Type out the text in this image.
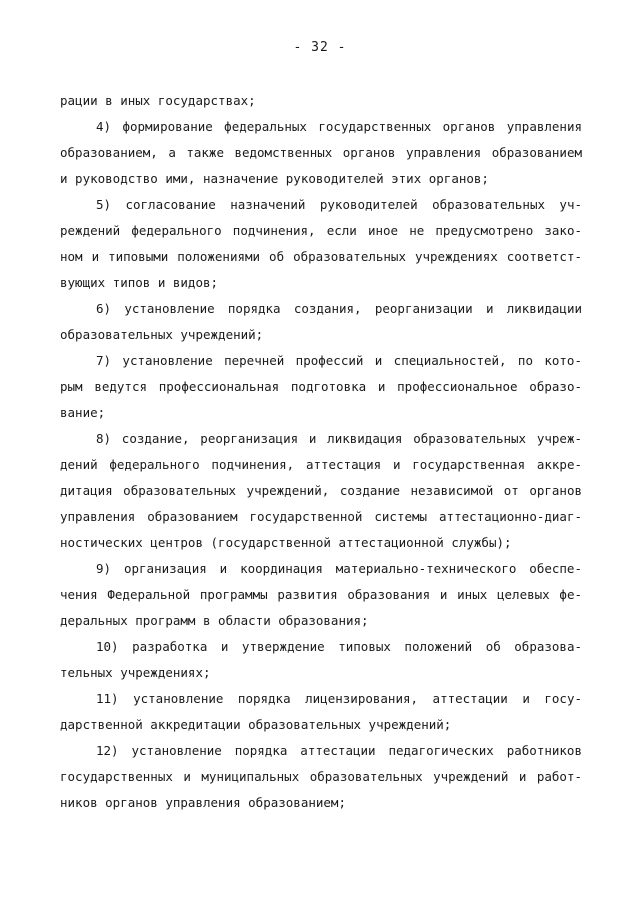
- 32 -
рации в иных государствах;
4) формирование федеральных государственных органов управления
образованием, а также ведомственных органов управления образованием
и руководство ими, назначение руководителей этих органов;
5) согласование назначений руководителей образовательных уч-
реждений федерального подчинения, если иное не предусмотрено зако-
ном и типовыми положениями об образовательных учреждениях соответст-
вующих типов и видов;
6) установление порядка создания, реорганизации и ликвидации
образовательных учреждений;
7) установление перечней профессий и специальностей, по кото-
рым ведутся профессиональная подготовка и профессиональное образо-
вание;
8) создание, реорганизация и ликвидация образовательных учреж-
дений федерального подчинения, аттестация и государственная аккре-
дитация образовательных учреждений, создание независимой от органов
управления образованием государственной системы аттестационно-диаг-
ностических центров (государственной аттестационной службы);
9) организация и координация материально-технического обеспе-
чения Федеральной программы развития образования и иных целевых фе-
деральных программ в области образования;
10) разработка и утверждение типовых положений об образова-
тельных учреждениях;
11) установление порядка лицензирования, аттестации и госу-
дарственной аккредитации образовательных учреждений;
12) установление порядка аттестации педагогических работников
государственных и муниципальных образовательных учреждений и работ-
ников органов управления образованием;
